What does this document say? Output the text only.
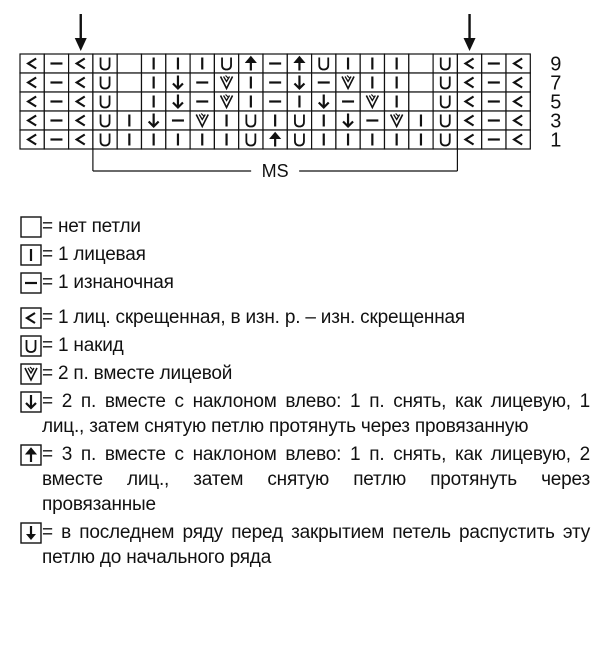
9
7
5
3
1
MS
= нет петли
= 1 лицевая
= 1 изнаночная
= 1 лиц. скрещенная, в изн. р. – изн. скрещенная
= 1 накид
= 2 п. вместе лицевой
= 2 п. вместе с наклоном влево: 1 п. снять, как лицевую, 1 лиц., затем снятую петлю протянуть через провязанную
= 3 п. вместе с наклоном влево: 1 п. снять, как лицевую, 2 вместе лиц., затем снятую петлю протянуть через провязанные
= в последнем ряду перед закрытием петель распустить эту петлю до начального ряда
